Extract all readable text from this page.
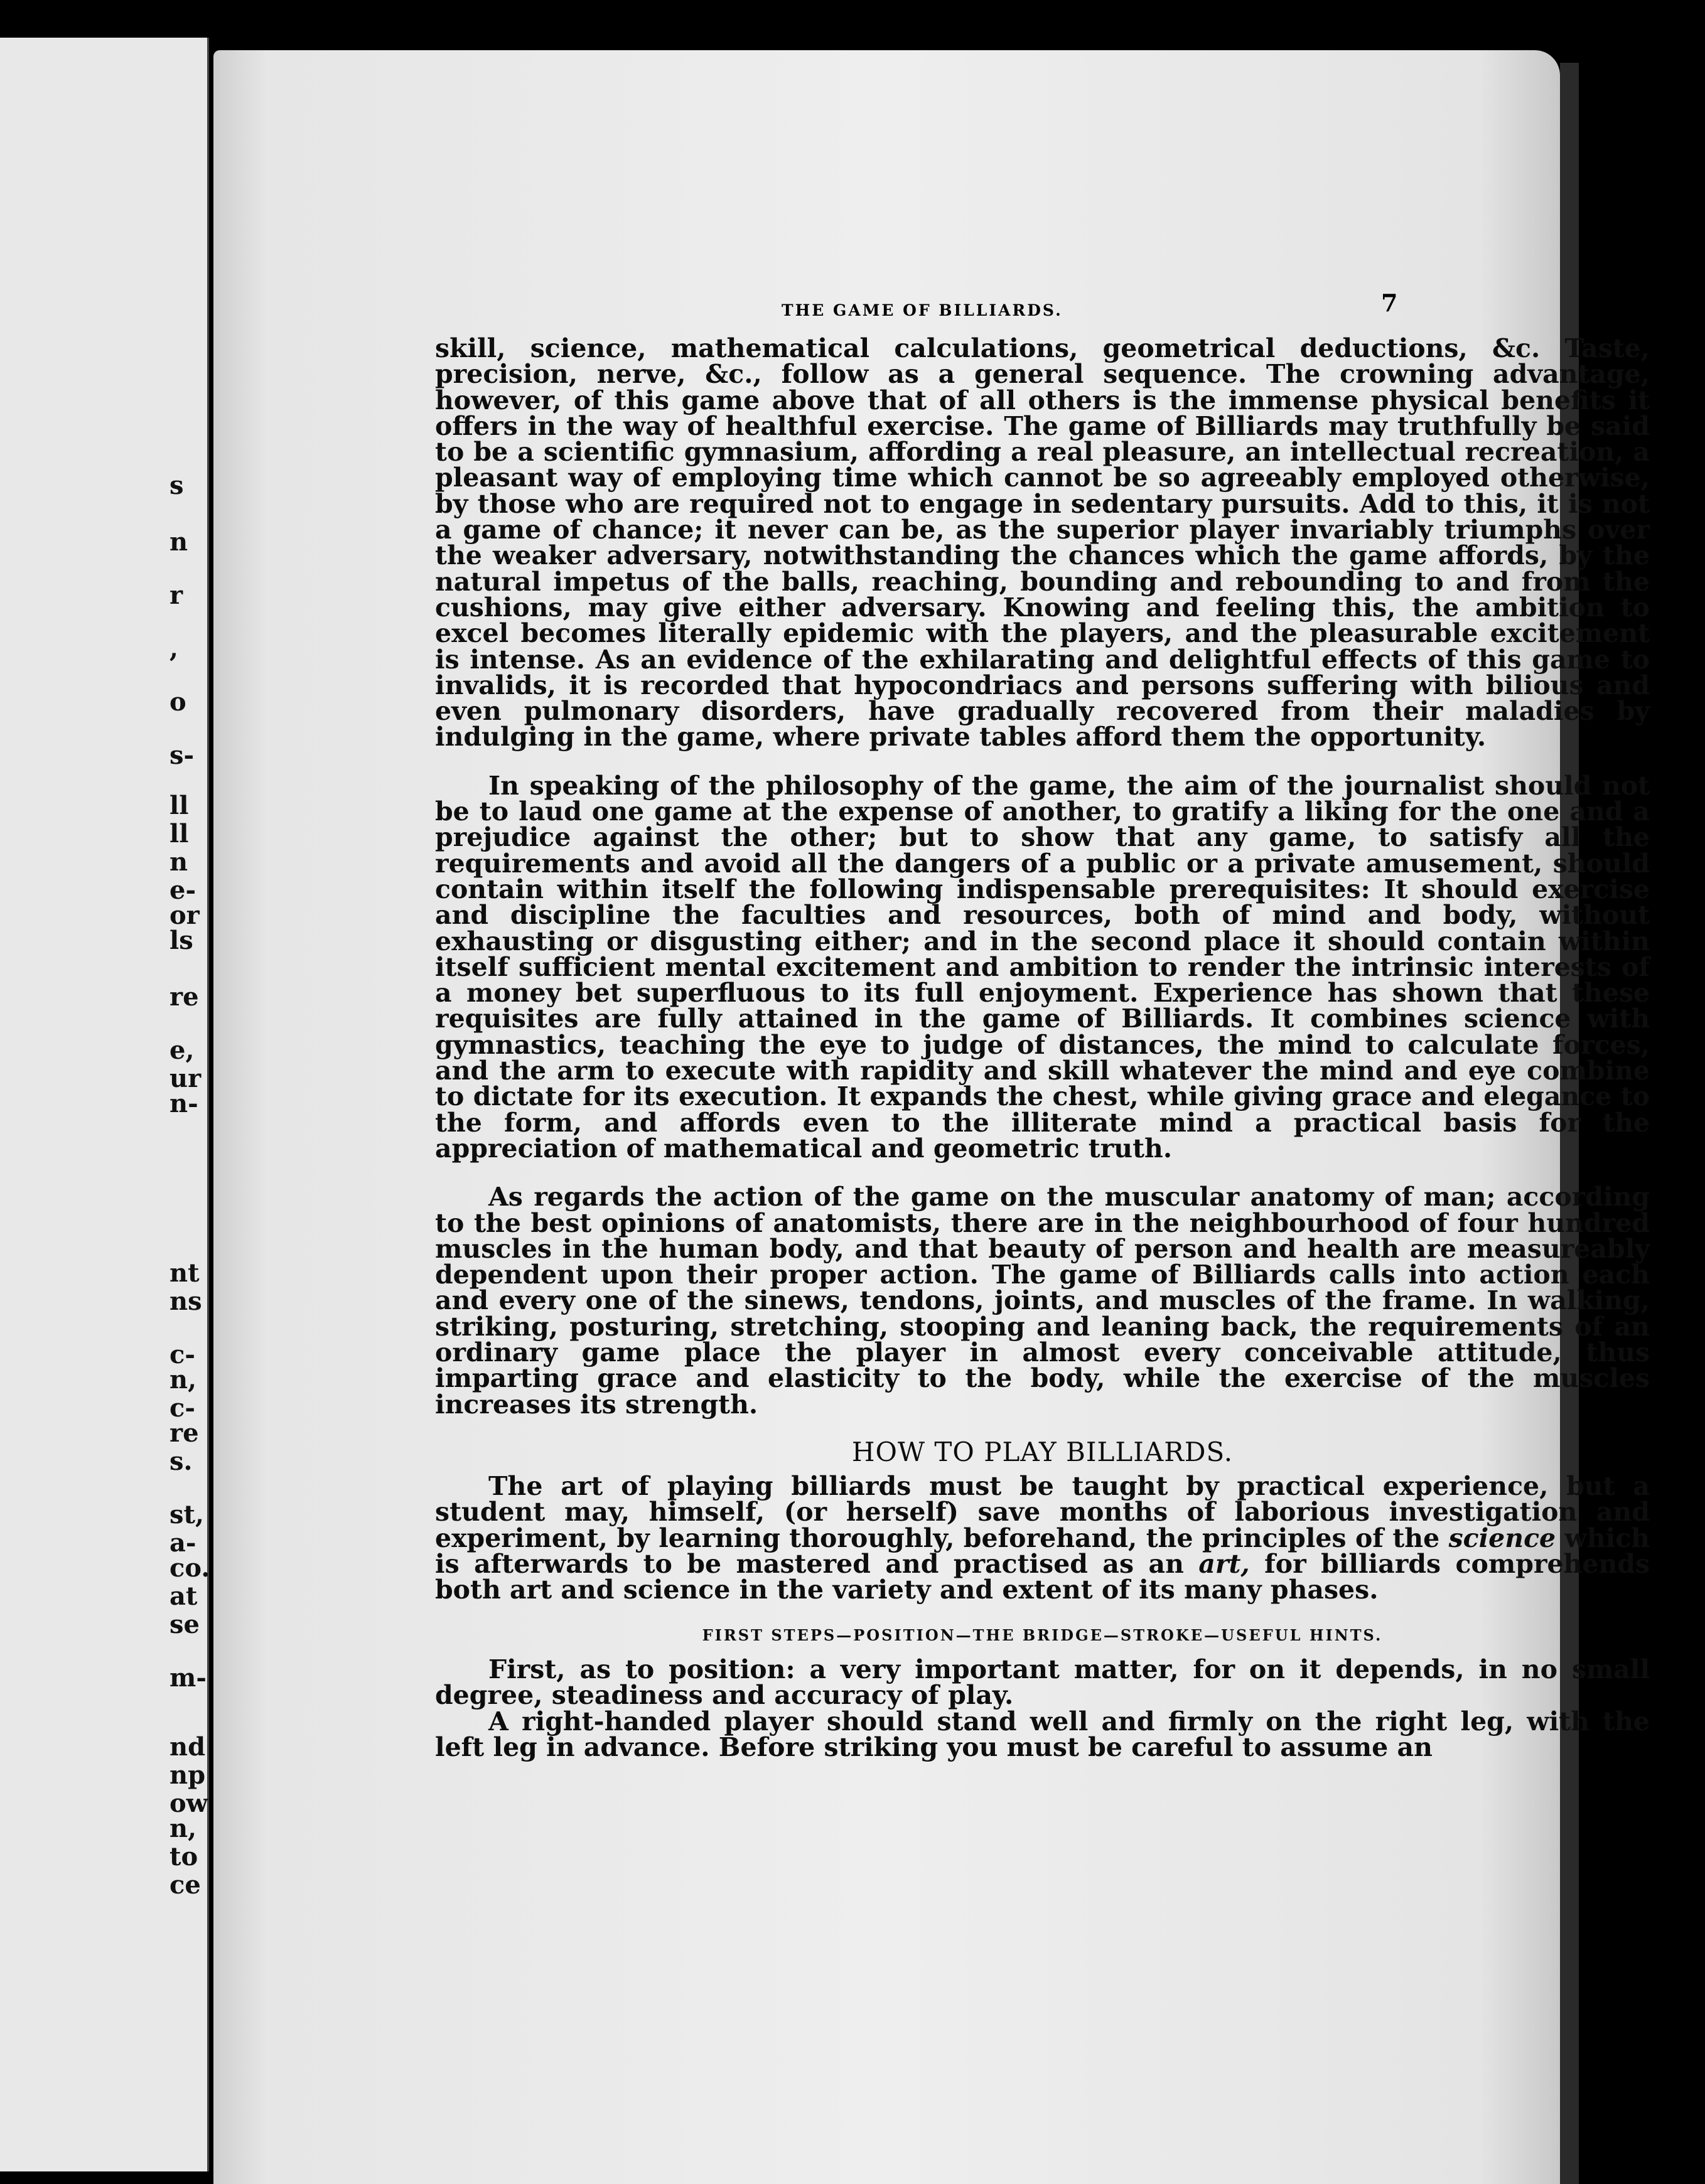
s
n
r
,
o
s-
ll
ll
n
e-
or
ls
re
e,
ur
n-
nt
ns
c-
n,
c-
re
s.
st,
a-
co.
at
se
m-
nd
np
ow
n,
to
ce
THE GAME OF BILLIARDS.	7

skill, science, mathematical calculations, geometrical deductions, &c. Taste, precision, nerve, &c., follow as a general sequence. The crowning advantage, however, of this game above that of all others is the immense physical benefits it offers in the way of healthful exercise. The game of Billiards may truthfully be said to be a scientific gymnasium, affording a real pleasure, an intellectual recreation, a pleasant way of employing time which cannot be so agreeably employed otherwise, by those who are required not to engage in sedentary pursuits. Add to this, it is not a game of chance; it never can be, as the superior player invariably triumphs over the weaker adversary, notwithstanding the chances which the game affords, by the natural impetus of the balls, reaching, bounding and rebounding to and from the cushions, may give either adversary. Knowing and feeling this, the ambition to excel becomes literally epidemic with the players, and the pleasurable excitement is intense. As an evidence of the exhilarating and delightful effects of this game to invalids, it is recorded that hypocondriacs and persons suffering with bilious and even pulmonary disorders, have gradually recovered from their maladies by indulging in the game, where private tables afford them the opportunity.

In speaking of the philosophy of the game, the aim of the journalist should not be to laud one game at the expense of another, to gratify a liking for the one and a prejudice against the other; but to show that any game, to satisfy all the requirements and avoid all the dangers of a public or a private amusement, should contain within itself the following indispensable prerequisites: It should exercise and discipline the faculties and resources, both of mind and body, without exhausting or disgusting either; and in the second place it should contain within itself sufficient mental excitement and ambition to render the intrinsic interests of a money bet superfluous to its full enjoyment. Experience has shown that these requisites are fully attained in the game of Billiards. It combines science with gymnastics, teaching the eye to judge of distances, the mind to calculate forces, and the arm to execute with rapidity and skill whatever the mind and eye combine to dictate for its execution. It expands the chest, while giving grace and elegance to the form, and affords even to the illiterate mind a practical basis for the appreciation of mathematical and geometric truth.

As regards the action of the game on the muscular anatomy of man; according to the best opinions of anatomists, there are in the neighbourhood of four hundred muscles in the human body, and that beauty of person and health are measureably dependent upon their proper action. The game of Billiards calls into action each and every one of the sinews, tendons, joints, and muscles of the frame. In walking, striking, posturing, stretching, stooping and leaning back, the requirements of an ordinary game place the player in almost every conceivable attitude, thus imparting grace and elasticity to the body, while the exercise of the muscles increases its strength.

HOW TO PLAY BILLIARDS.

The art of playing billiards must be taught by practical experience, but a student may, himself, (or herself) save months of laborious investigation and experiment, by learning thoroughly, beforehand, the principles of the science which is afterwards to be mastered and practised as an art, for billiards comprehends both art and science in the variety and extent of its many phases.

FIRST STEPS—POSITION—THE BRIDGE—STROKE—USEFUL HINTS.

First, as to position: a very important matter, for on it depends, in no small degree, steadiness and accuracy of play.

A right-handed player should stand well and firmly on the right leg, with the left leg in advance. Before striking you must be careful to assume an
